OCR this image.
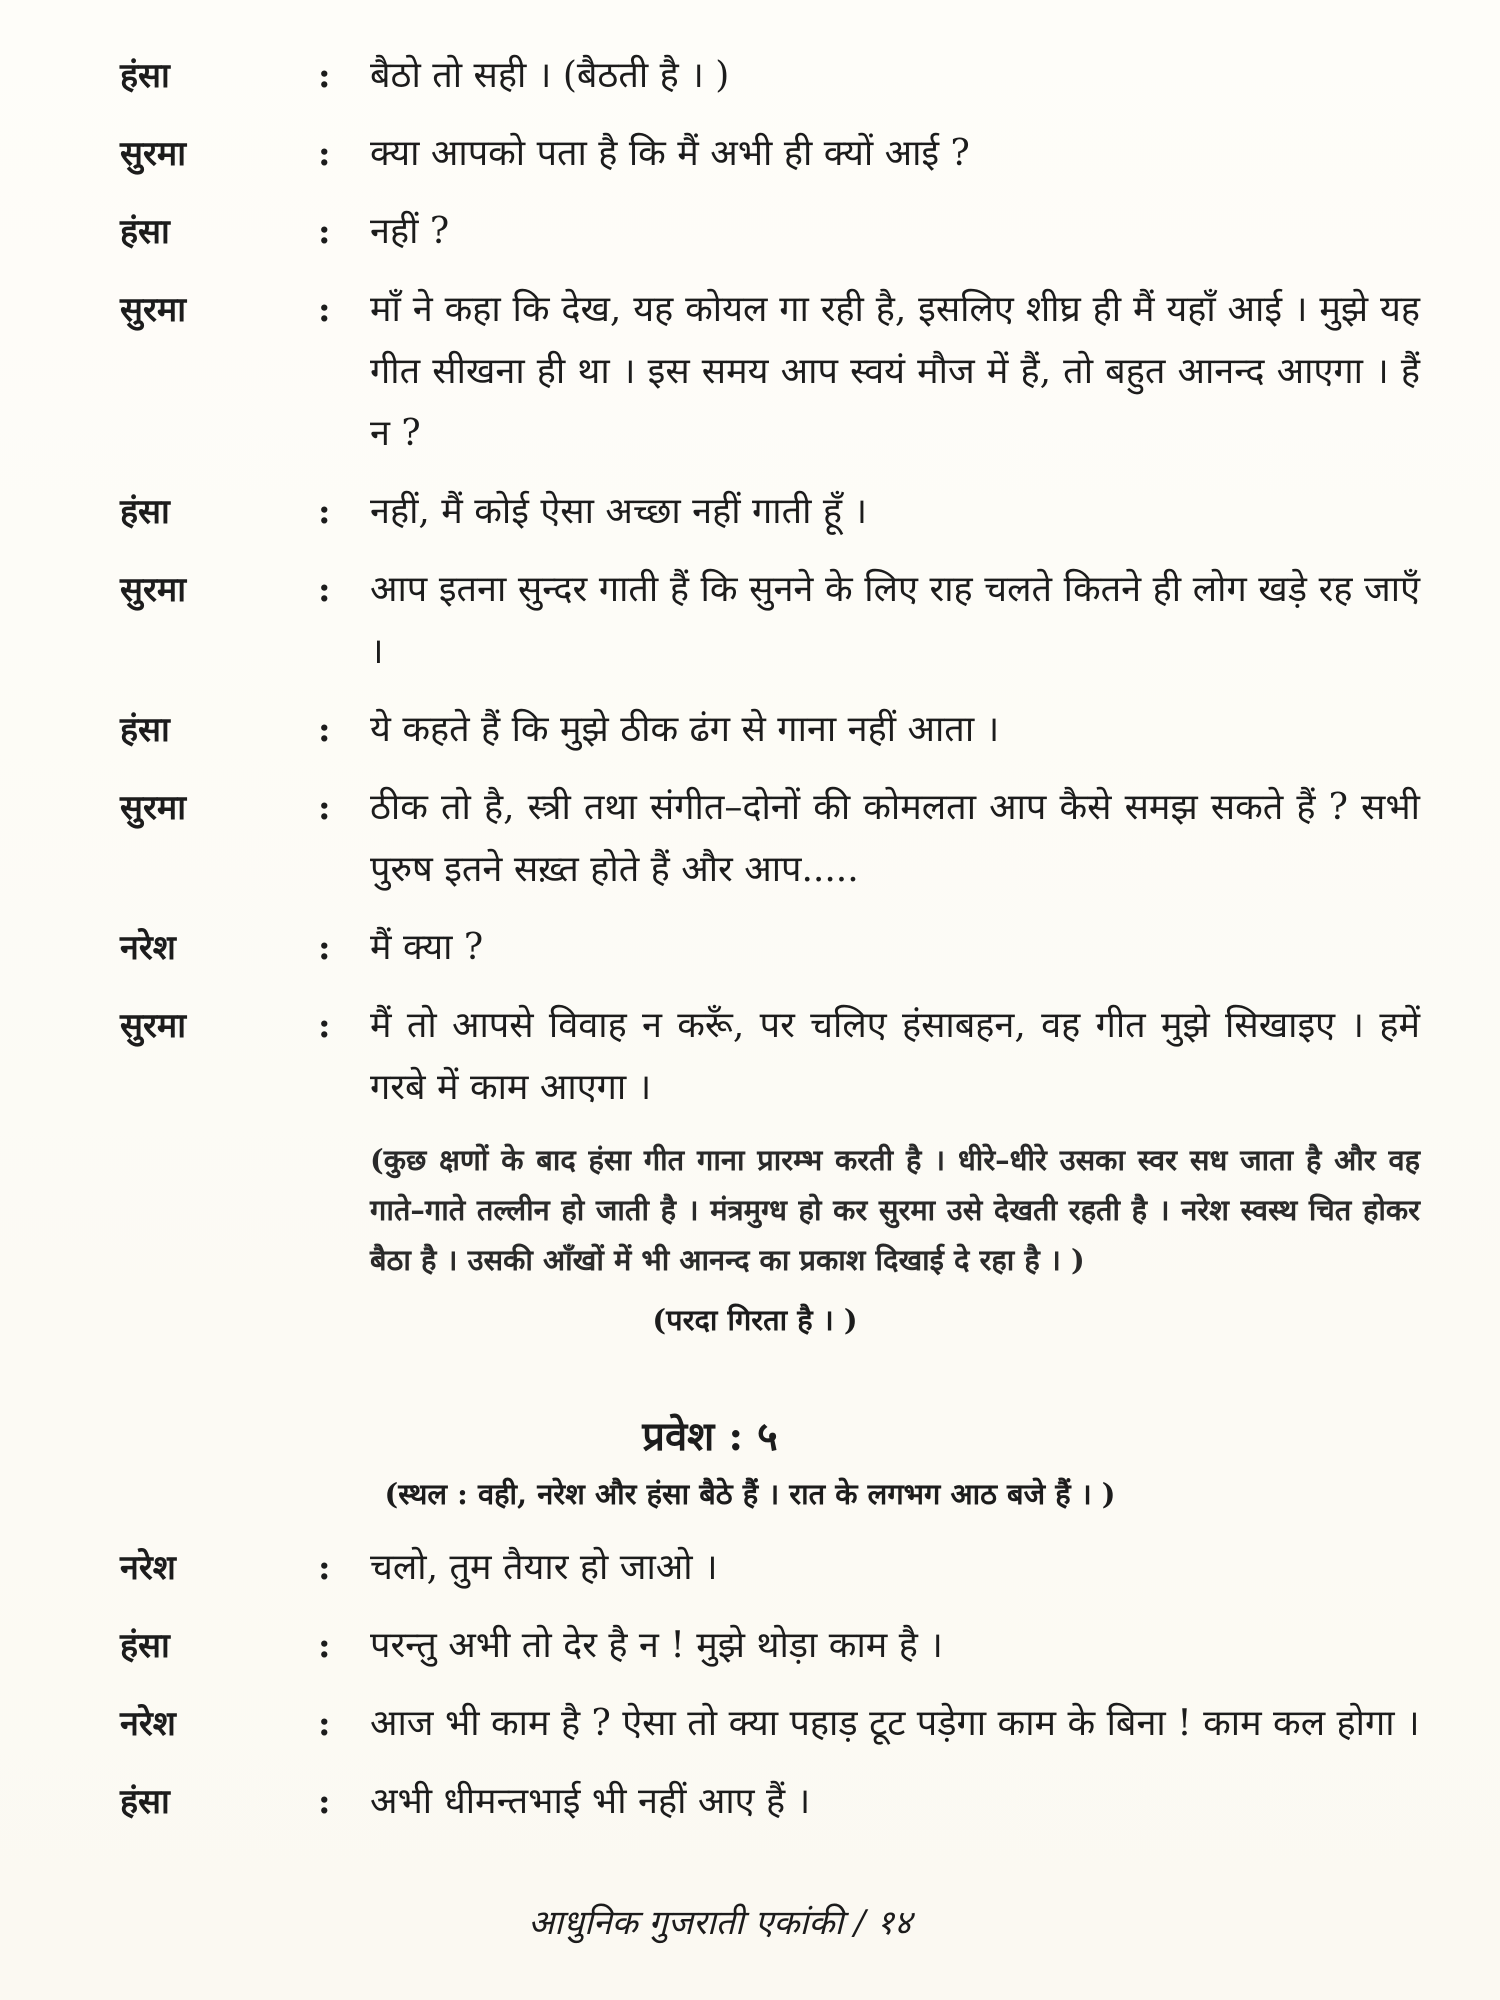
हंसा	:	बैठो तो सही । (बैठती है । )
सुरमा	:	क्या आपको पता है कि मैं अभी ही क्यों आई ?
हंसा	:	नहीं ?
सुरमा	:	माँ ने कहा कि देख, यह कोयल गा रही है, इसलिए शीघ्र ही मैं यहाँ आई । मुझे यह गीत सीखना ही था । इस समय आप स्वयं मौज में हैं, तो बहुत आनन्द आएगा । हैं न ?
हंसा	:	नहीं, मैं कोई ऐसा अच्छा नहीं गाती हूँ ।
सुरमा	:	आप इतना सुन्दर गाती हैं कि सुनने के लिए राह चलते कितने ही लोग खड़े रह जाएँ ।
हंसा	:	ये कहते हैं कि मुझे ठीक ढंग से गाना नहीं आता ।
सुरमा	:	ठीक तो है, स्त्री तथा संगीत–दोनों की कोमलता आप कैसे समझ सकते हैं ? सभी पुरुष इतने सख़्त होते हैं और आप.....
नरेश	:	मैं क्या ?
सुरमा	:	मैं तो आपसे विवाह न करूँ, पर चलिए हंसाबहन, वह गीत मुझे सिखाइए । हमें गरबे में काम आएगा ।
(कुछ क्षणों के बाद हंसा गीत गाना प्रारम्भ करती है । धीरे–धीरे उसका स्वर सध जाता है और वह गाते–गाते तल्लीन हो जाती है । मंत्रमुग्ध हो कर सुरमा उसे देखती रहती है । नरेश स्वस्थ चित होकर बैठा है । उसकी आँखों में भी आनन्द का प्रकाश दिखाई दे रहा है । )
(परदा गिरता है । )
प्रवेश : ५
(स्थल : वही, नरेश और हंसा बैठे हैं । रात के लगभग आठ बजे हैं । )
नरेश	:	चलो, तुम तैयार हो जाओ ।
हंसा	:	परन्तु अभी तो देर है न ! मुझे थोड़ा काम है ।
नरेश	:	आज भी काम है ? ऐसा तो क्या पहाड़ टूट पड़ेगा काम के बिना ! काम कल होगा ।
हंसा	:	अभी धीमन्तभाई भी नहीं आए हैं ।
आधुनिक गुजराती एकांकी / १४
